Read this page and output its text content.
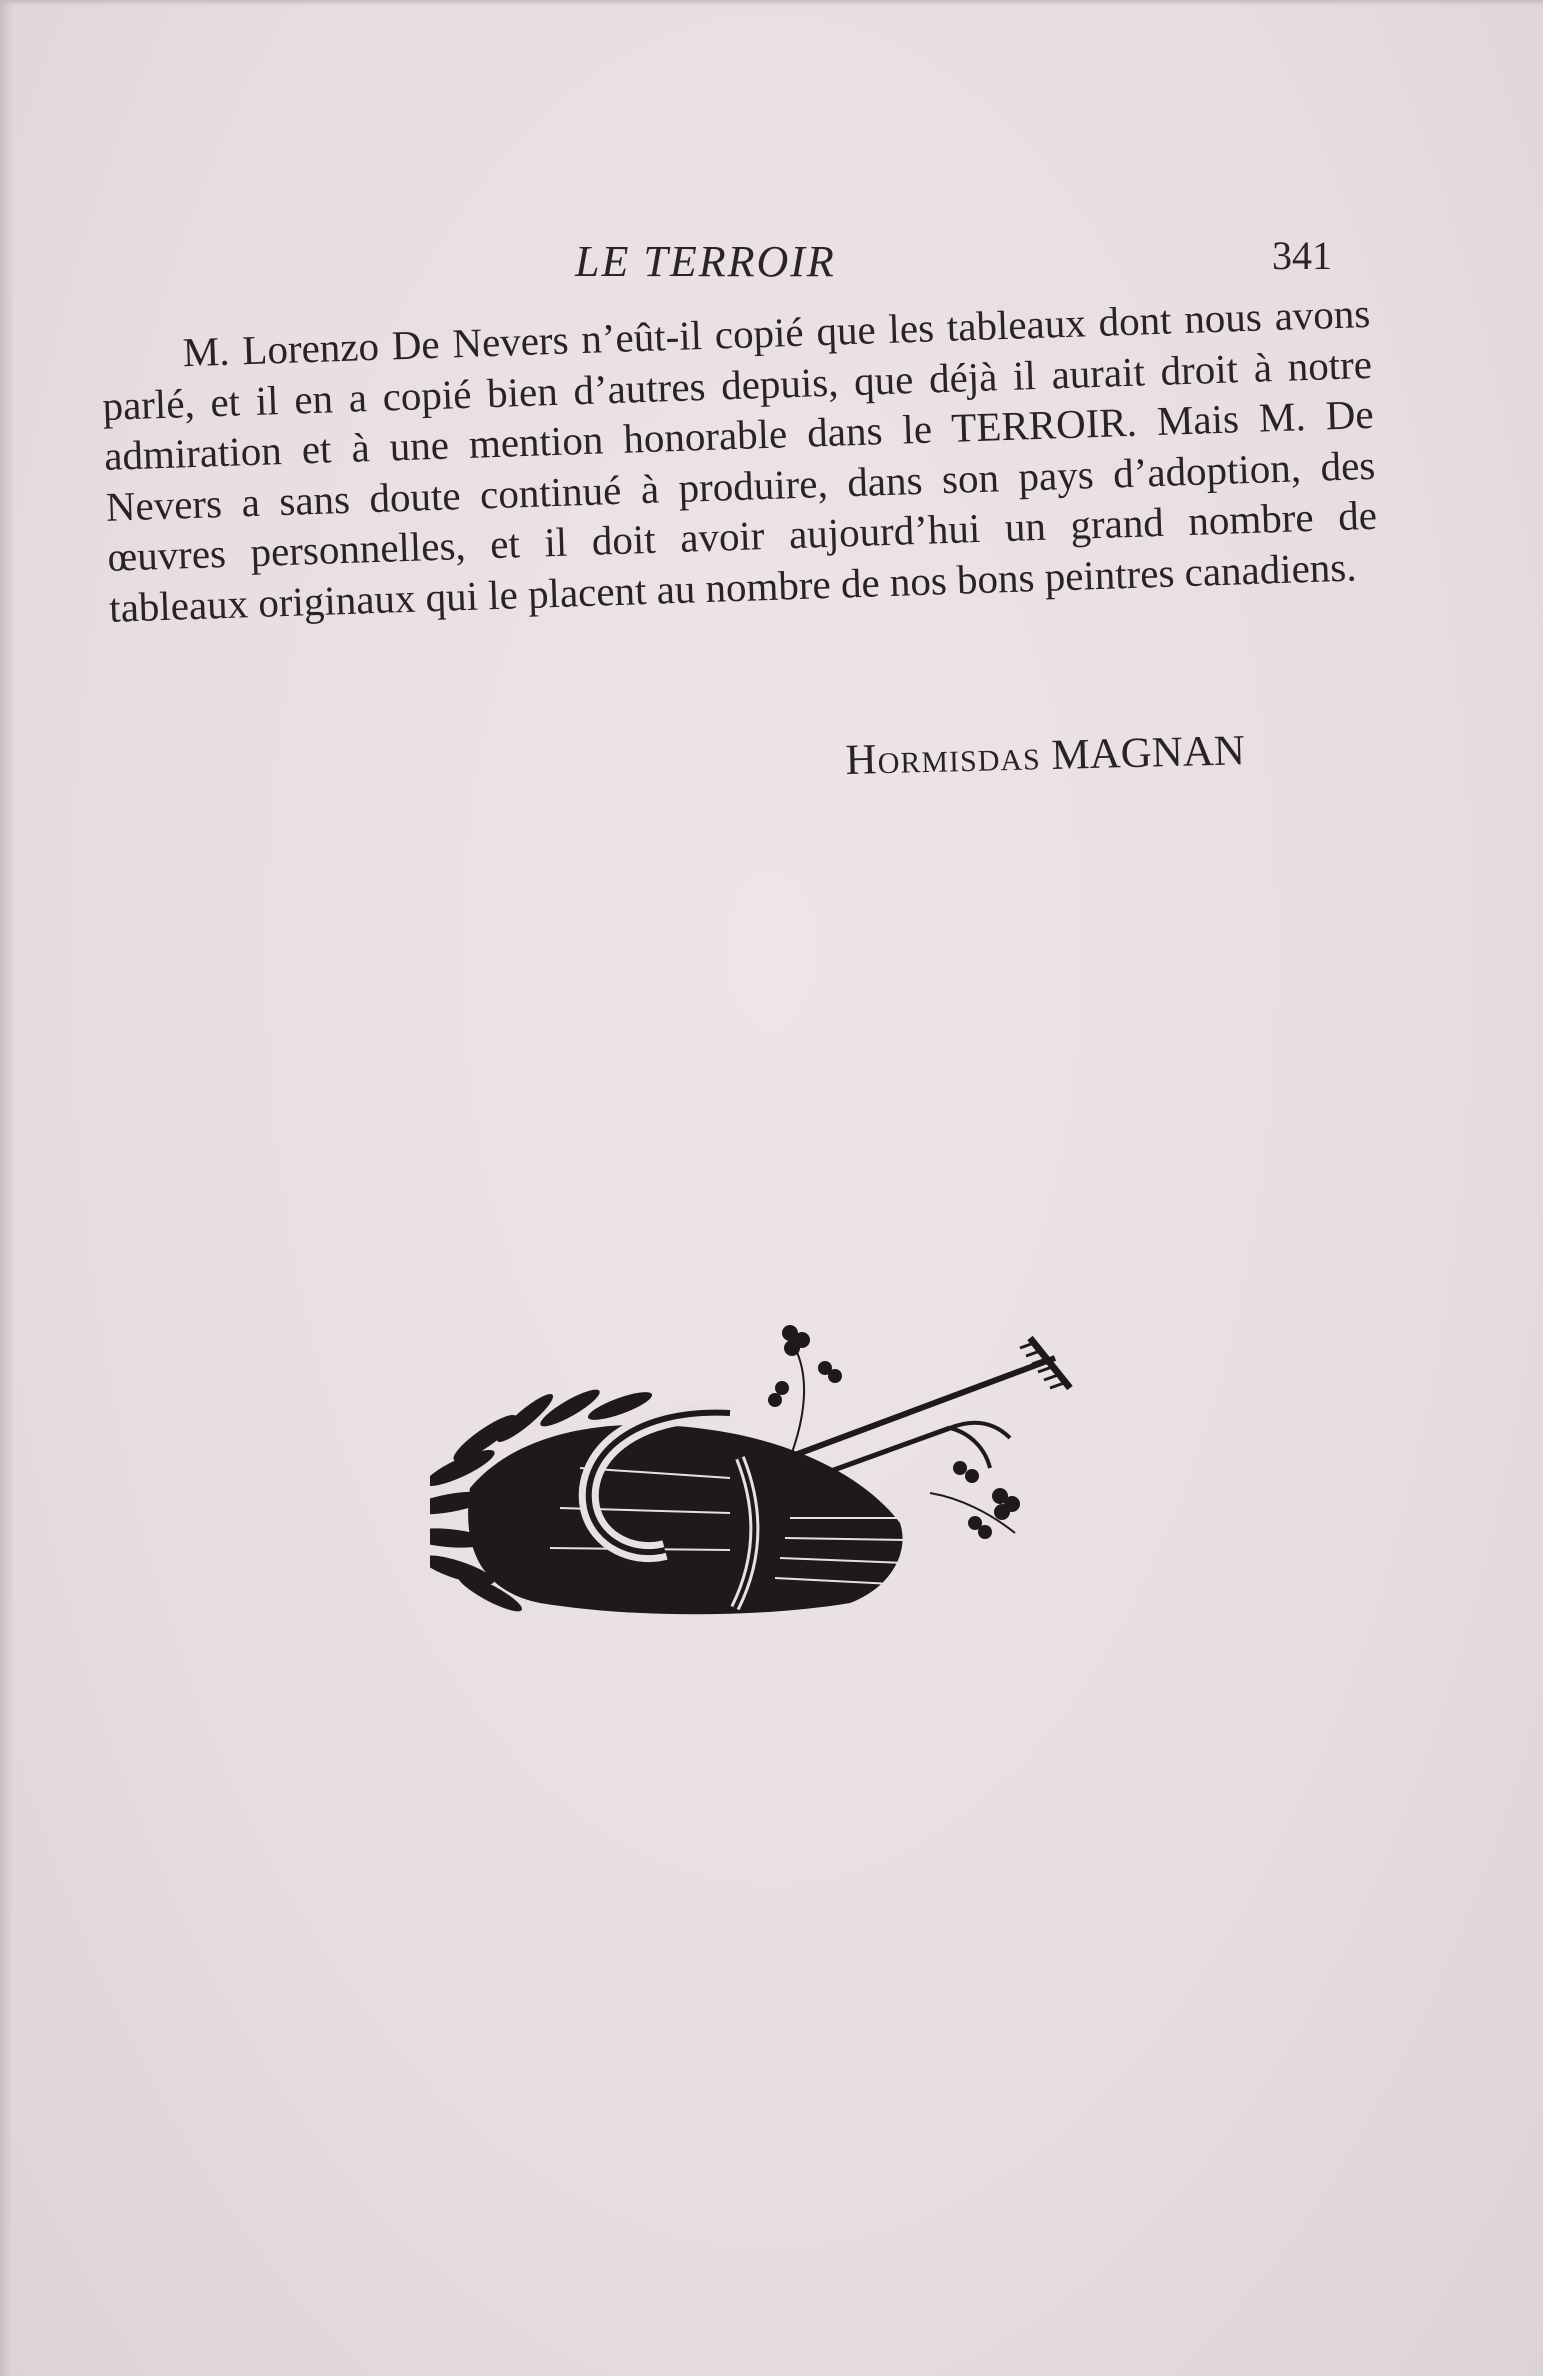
LE TERROIR	341

M. Lorenzo De Nevers n’eût-il copié que les tableaux dont nous avons parlé, et il en a copié bien d’autres depuis, que déjà il aurait droit à notre admiration et à une mention honorable dans le TERROIR. Mais M. De Nevers a sans doute continué à produire, dans son pays d’adoption, des œuvres personnelles, et il doit avoir aujourd’hui un grand nombre de tableaux originaux qui le placent au nombre de nos bons peintres canadiens.

Hormisdas MAGNAN
